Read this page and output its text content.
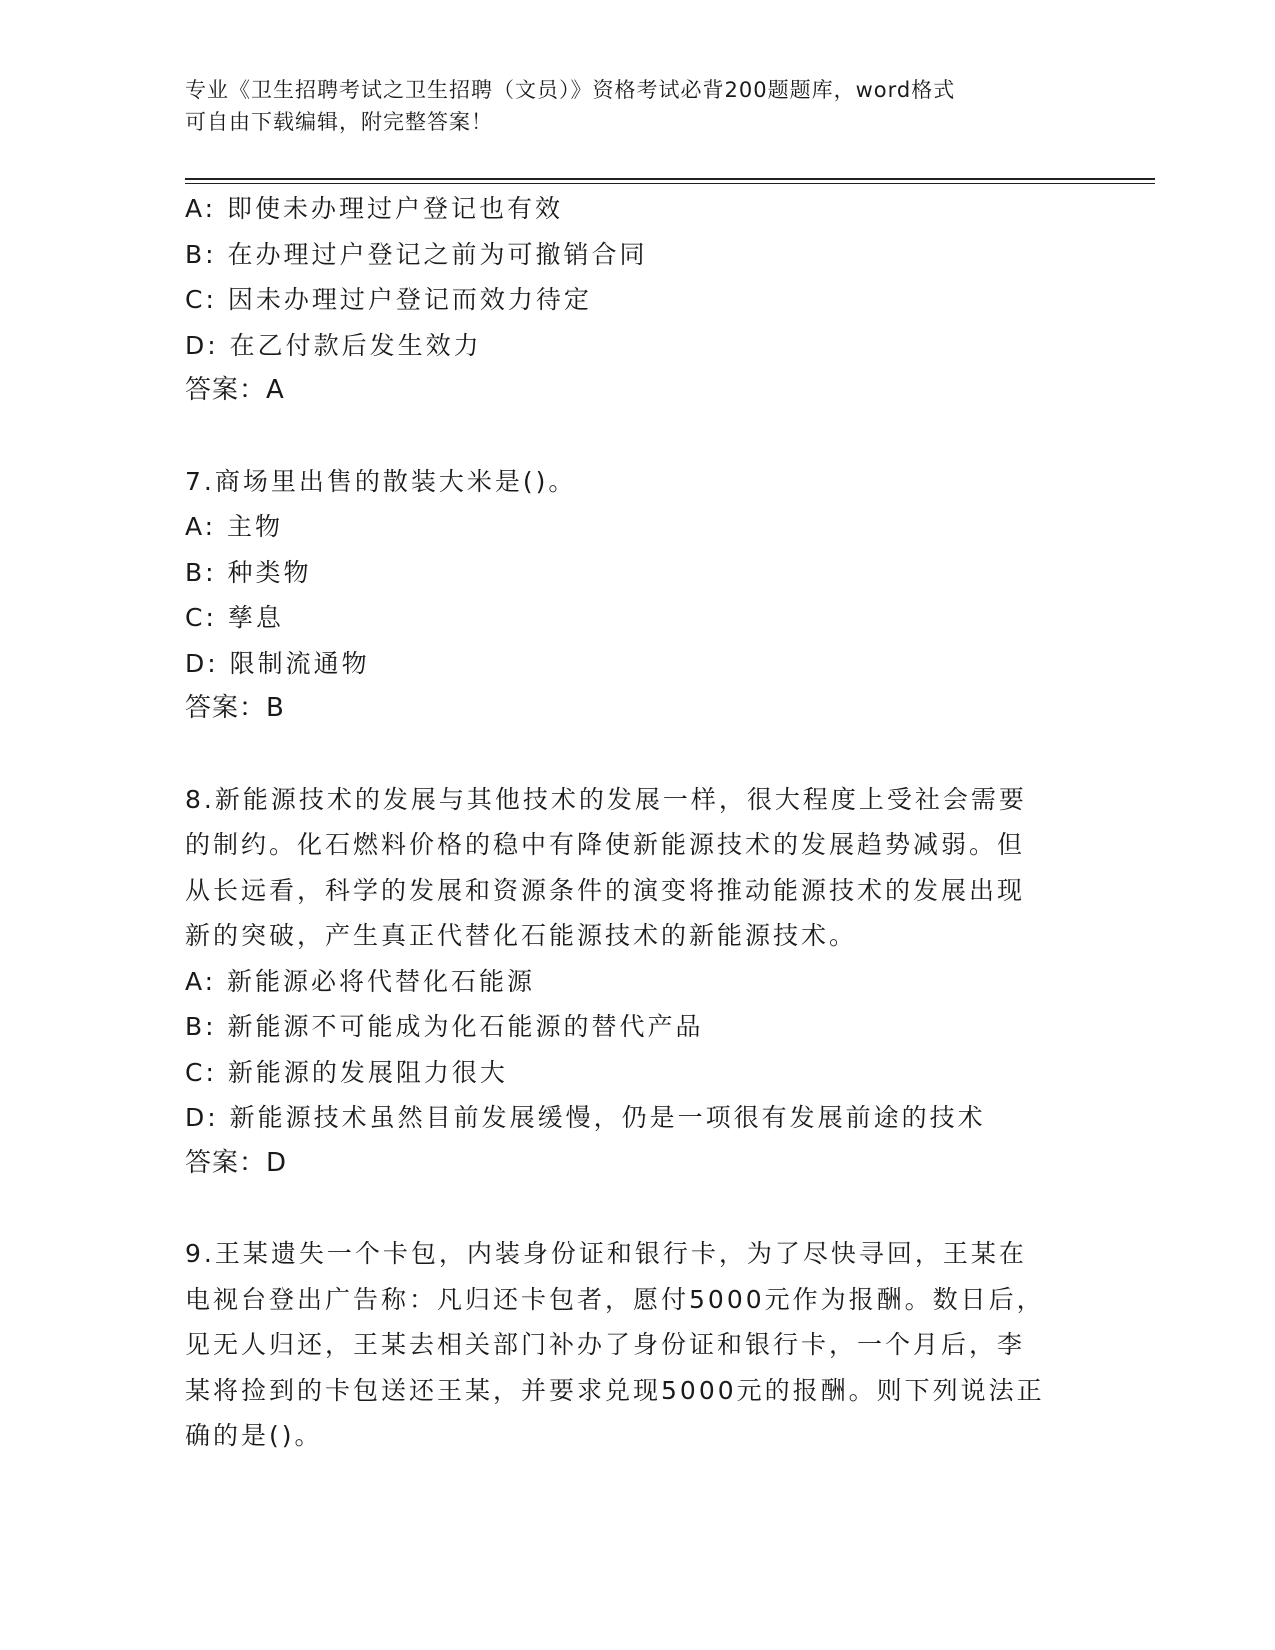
专业《卫生招聘考试之卫生招聘（文员）》资格考试必背200题题库，word格式
可自由下载编辑，附完整答案！
A: 即使未办理过户登记也有效
B: 在办理过户登记之前为可撤销合同
C: 因未办理过户登记而效力待定
D: 在乙付款后发生效力
答案：A
7.商场里出售的散装大米是()。
A: 主物
B: 种类物
C: 孳息
D: 限制流通物
答案：B
8.新能源技术的发展与其他技术的发展一样，很大程度上受社会需要
的制约。化石燃料价格的稳中有降使新能源技术的发展趋势减弱。但
从长远看，科学的发展和资源条件的演变将推动能源技术的发展出现
新的突破，产生真正代替化石能源技术的新能源技术。
A: 新能源必将代替化石能源
B: 新能源不可能成为化石能源的替代产品
C: 新能源的发展阻力很大
D: 新能源技术虽然目前发展缓慢，仍是一项很有发展前途的技术
答案：D
9.王某遗失一个卡包，内装身份证和银行卡，为了尽快寻回，王某在
电视台登出广告称：凡归还卡包者，愿付5000元作为报酬。数日后，
见无人归还，王某去相关部门补办了身份证和银行卡，一个月后，李
某将捡到的卡包送还王某，并要求兑现5000元的报酬。则下列说法正
确的是()。
